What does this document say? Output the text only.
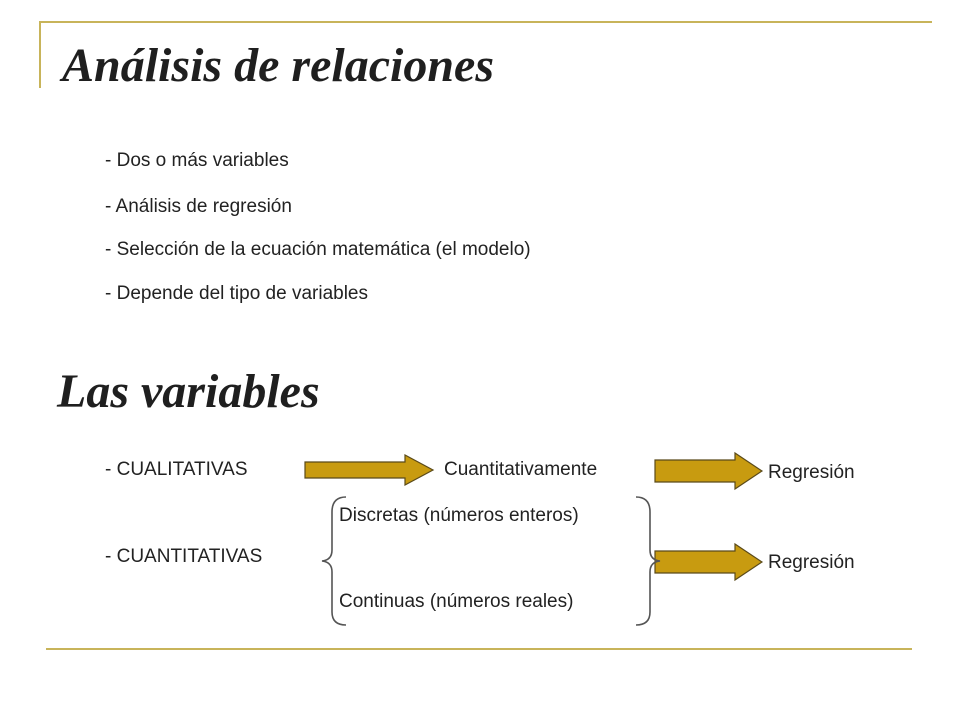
Análisis de relaciones
- Dos o más variables
- Análisis de regresión
- Selección de la ecuación matemática (el modelo)
- Depende del tipo de variables
Las variables
- CUALITATIVAS	Cuantitativamente	Regresión
Discretas (números enteros)
- CUANTITATIVAS	Regresión
Continuas (números reales)
